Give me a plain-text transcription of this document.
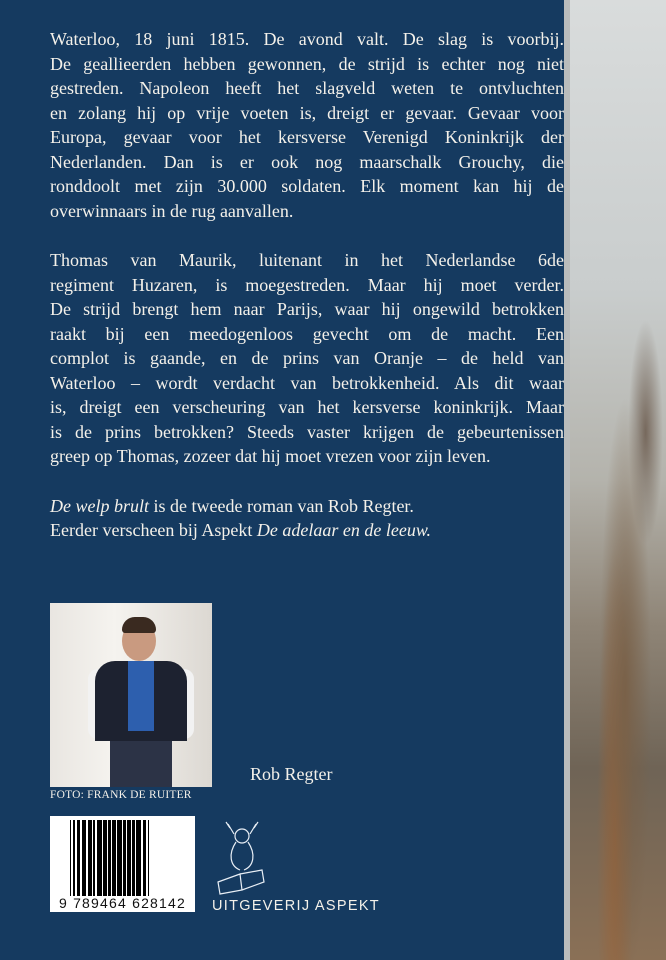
Waterloo, 18 juni 1815. De avond valt. De slag is voorbij.
De geallieerden hebben gewonnen, de strijd is echter nog niet
gestreden. Napoleon heeft het slagveld weten te ontvluchten
en zolang hij op vrije voeten is, dreigt er gevaar. Gevaar voor
Europa, gevaar voor het kersverse Verenigd Koninkrijk der
Nederlanden. Dan is er ook nog maarschalk Grouchy, die
ronddoolt met zijn 30.000 soldaten. Elk moment kan hij de
overwinnaars in de rug aanvallen.
Thomas van Maurik, luitenant in het Nederlandse 6de
regiment Huzaren, is moegestreden. Maar hij moet verder.
De strijd brengt hem naar Parijs, waar hij ongewild betrokken
raakt bij een meedogenloos gevecht om de macht. Een
complot is gaande, en de prins van Oranje – de held van
Waterloo – wordt verdacht van betrokkenheid. Als dit waar
is, dreigt een verscheuring van het kersverse koninkrijk. Maar
is de prins betrokken? Steeds vaster krijgen de gebeurtenissen
greep op Thomas, zozeer dat hij moet vrezen voor zijn leven.
De welp brult is de tweede roman van Rob Regter.
Eerder verscheen bij Aspekt De adelaar en de leeuw.
Rob Regter
FOTO: FRANK DE RUITER
9 789464 628142	UITGEVERIJ ASPEKT
